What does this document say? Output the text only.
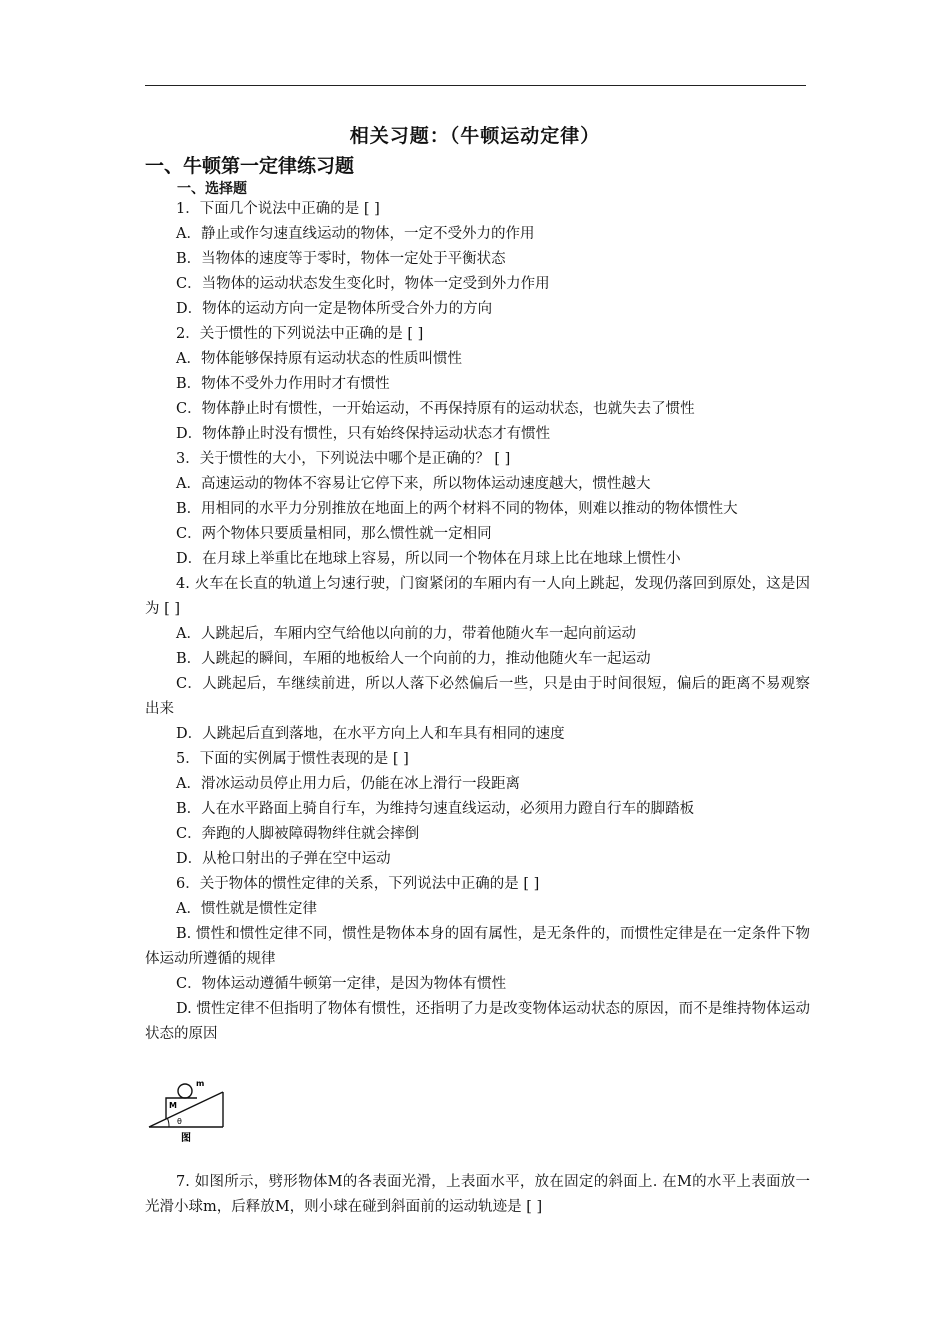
相关习题：（牛顿运动定律）
一、牛顿第一定律练习题
一、选择题
1．下面几个说法中正确的是 [ ]
A．静止或作匀速直线运动的物体，一定不受外力的作用
B．当物体的速度等于零时，物体一定处于平衡状态
C．当物体的运动状态发生变化时，物体一定受到外力作用
D．物体的运动方向一定是物体所受合外力的方向
2．关于惯性的下列说法中正确的是 [ ]
A．物体能够保持原有运动状态的性质叫惯性
B．物体不受外力作用时才有惯性
C．物体静止时有惯性，一开始运动，不再保持原有的运动状态，也就失去了惯性
D．物体静止时没有惯性，只有始终保持运动状态才有惯性
3．关于惯性的大小，下列说法中哪个是正确的？ [ ]
A．高速运动的物体不容易让它停下来，所以物体运动速度越大，惯性越大
B．用相同的水平力分别推放在地面上的两个材料不同的物体，则难以推动的物体惯性大
C．两个物体只要质量相同，那么惯性就一定相同
D．在月球上举重比在地球上容易，所以同一个物体在月球上比在地球上惯性小
4. 火车在长直的轨道上匀速行驶，门窗紧闭的车厢内有一人向上跳起，发现仍落回到原处，这是因为 [ ]
A．人跳起后，车厢内空气给他以向前的力，带着他随火车一起向前运动
B．人跳起的瞬间，车厢的地板给人一个向前的力，推动他随火车一起运动
C．人跳起后，车继续前进，所以人落下必然偏后一些，只是由于时间很短，偏后的距离不易观察出来
D．人跳起后直到落地，在水平方向上人和车具有相同的速度
5．下面的实例属于惯性表现的是 [ ]
A．滑冰运动员停止用力后，仍能在冰上滑行一段距离
B．人在水平路面上骑自行车，为维持匀速直线运动，必须用力蹬自行车的脚踏板
C．奔跑的人脚被障碍物绊住就会摔倒
D．从枪口射出的子弹在空中运动
6．关于物体的惯性定律的关系，下列说法中正确的是 [ ]
A．惯性就是惯性定律
B. 惯性和惯性定律不同，惯性是物体本身的固有属性，是无条件的，而惯性定律是在一定条件下物体运动所遵循的规律
C．物体运动遵循牛顿第一定律，是因为物体有惯性
D. 惯性定律不但指明了物体有惯性，还指明了力是改变物体运动状态的原因，而不是维持物体运动状态的原因
m
M
θ
图
7. 如图所示，劈形物体M的各表面光滑，上表面水平，放在固定的斜面上. 在M的水平上表面放一光滑小球m，后释放M，则小球在碰到斜面前的运动轨迹是 [ ]
